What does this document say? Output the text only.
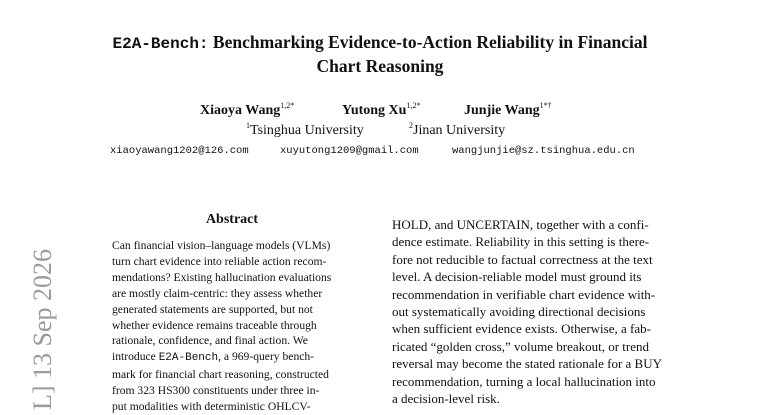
E2A-Bench: Benchmarking Evidence-to-Action Reliability in Financial
Chart Reasoning
Xiaoya Wang$^{1,2*}$	Yutong $Xu^{1,2*}$	Junjie Wang$^{1*\dagger}$
$^1$Tsinghua University	$^2$Jinan University
xiaoyawang1202@126.com	xuyutong1209@gmail.com	wangjunjie@sz.tsinghua.edu.cn
L] 13 Sep 2026
Abstract
Can financial vision–language models (VLMs)
turn chart evidence into reliable action recom-
mendations? Existing hallucination evaluations
are mostly claim-centric: they assess whether
generated statements are supported, but not
whether evidence remains traceable through
rationale, confidence, and final action. We
introduce E2A-Bench, a 969-query bench-
mark for financial chart reasoning, constructed
from 323 HS300 constituents under three in-
put modalities with deterministic OHLCV-
HOLD, and UNCERTAIN, together with a confi-
dence estimate. Reliability in this setting is there-
fore not reducible to factual correctness at the text
level. A decision-reliable model must ground its
recommendation in verifiable chart evidence with-
out systematically avoiding directional decisions
when sufficient evidence exists. Otherwise, a fab-
ricated “golden cross,” volume breakout, or trend
reversal may become the stated rationale for a BUY
recommendation, turning a local hallucination into
a decision-level risk.
